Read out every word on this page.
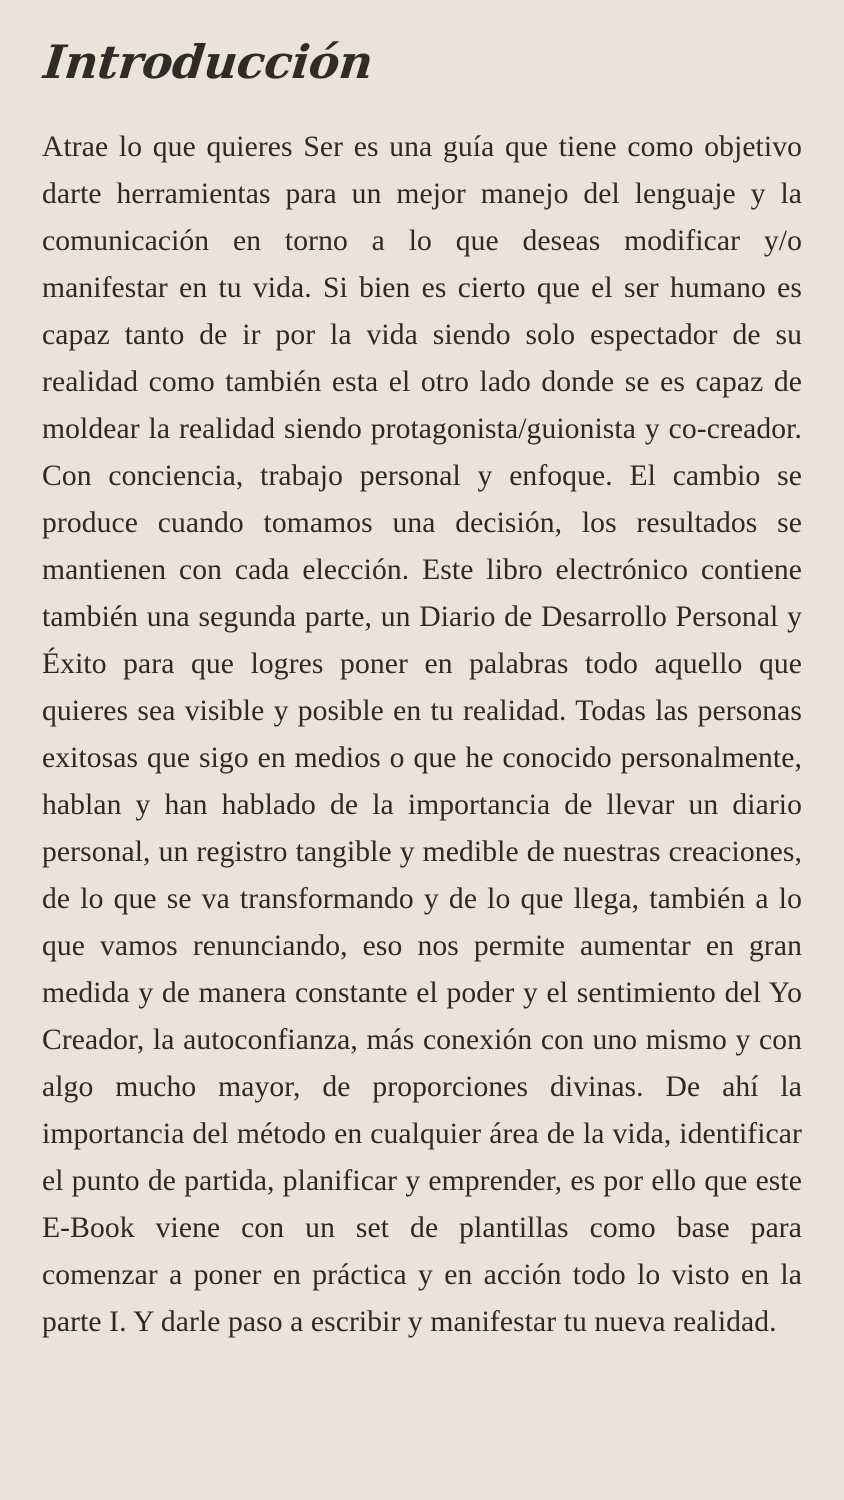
Introducción

Atrae lo que quieres Ser es una guía que tiene como objetivo darte herramientas para un mejor manejo del lenguaje y la comunicación en torno a lo que deseas modificar y/o manifestar en tu vida. Si bien es cierto que el ser humano es capaz tanto de ir por la vida siendo solo espectador de su realidad como también esta el otro lado donde se es capaz de moldear la realidad siendo protagonista/guionista y co-creador. Con conciencia, trabajo personal y enfoque. El cambio se produce cuando tomamos una decisión, los resultados se mantienen con cada elección. Este libro electrónico contiene también una segunda parte, un Diario de Desarrollo Personal y Éxito para que logres poner en palabras todo aquello que quieres sea visible y posible en tu realidad. Todas las personas exitosas que sigo en medios o que he conocido personalmente, hablan y han hablado de la importancia de llevar un diario personal, un registro tangible y medible de nuestras creaciones, de lo que se va transformando y de lo que llega, también a lo que vamos renunciando, eso nos permite aumentar en gran medida y de manera constante el poder y el sentimiento del Yo Creador, la autoconfianza, más conexión con uno mismo y con algo mucho mayor, de proporciones divinas. De ahí la importancia del método en cualquier área de la vida, identificar el punto de partida, planificar y emprender, es por ello que este E-Book viene con un set de plantillas como base para comenzar a poner en práctica y en acción todo lo visto en la parte I. Y darle paso a escribir y manifestar tu nueva realidad.
